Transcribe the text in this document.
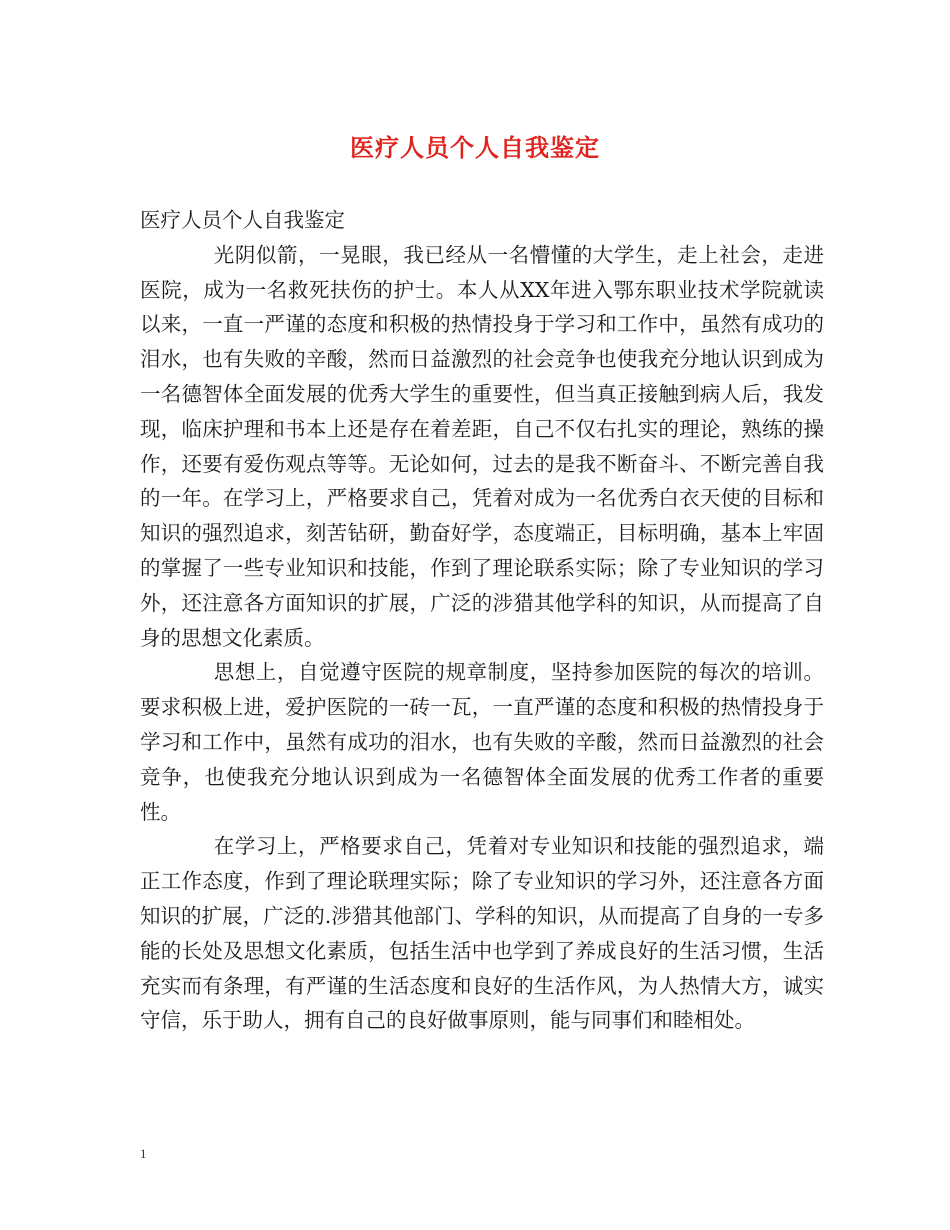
医疗人员个人自我鉴定

医疗人员个人自我鉴定

光阴似箭，一晃眼，我已经从一名懵懂的大学生，走上社会，走进医院，成为一名救死扶伤的护士。本人从XX年进入鄂东职业技术学院就读以来，一直一严谨的态度和积极的热情投身于学习和工作中，虽然有成功的泪水，也有失败的辛酸，然而日益激烈的社会竞争也使我充分地认识到成为一名德智体全面发展的优秀大学生的重要性，但当真正接触到病人后，我发现，临床护理和书本上还是存在着差距，自己不仅右扎实的理论，熟练的操作，还要有爱伤观点等等。无论如何，过去的是我不断奋斗、不断完善自我的一年。在学习上，严格要求自己，凭着对成为一名优秀白衣天使的目标和知识的强烈追求，刻苦钻研，勤奋好学，态度端正，目标明确，基本上牢固的掌握了一些专业知识和技能，作到了理论联系实际；除了专业知识的学习外，还注意各方面知识的扩展，广泛的涉猎其他学科的知识，从而提高了自身的思想文化素质。

思想上，自觉遵守医院的规章制度，坚持参加医院的每次的培训。要求积极上进，爱护医院的一砖一瓦，一直严谨的态度和积极的热情投身于学习和工作中，虽然有成功的泪水，也有失败的辛酸，然而日益激烈的社会竞争，也使我充分地认识到成为一名德智体全面发展的优秀工作者的重要性。

在学习上，严格要求自己，凭着对专业知识和技能的强烈追求，端正工作态度，作到了理论联理实际；除了专业知识的学习外，还注意各方面知识的扩展，广泛的.涉猎其他部门、学科的知识，从而提高了自身的一专多能的长处及思想文化素质，包括生活中也学到了养成良好的生活习惯，生活充实而有条理，有严谨的生活态度和良好的生活作风，为人热情大方，诚实守信，乐于助人，拥有自己的良好做事原则，能与同事们和睦相处。

1
